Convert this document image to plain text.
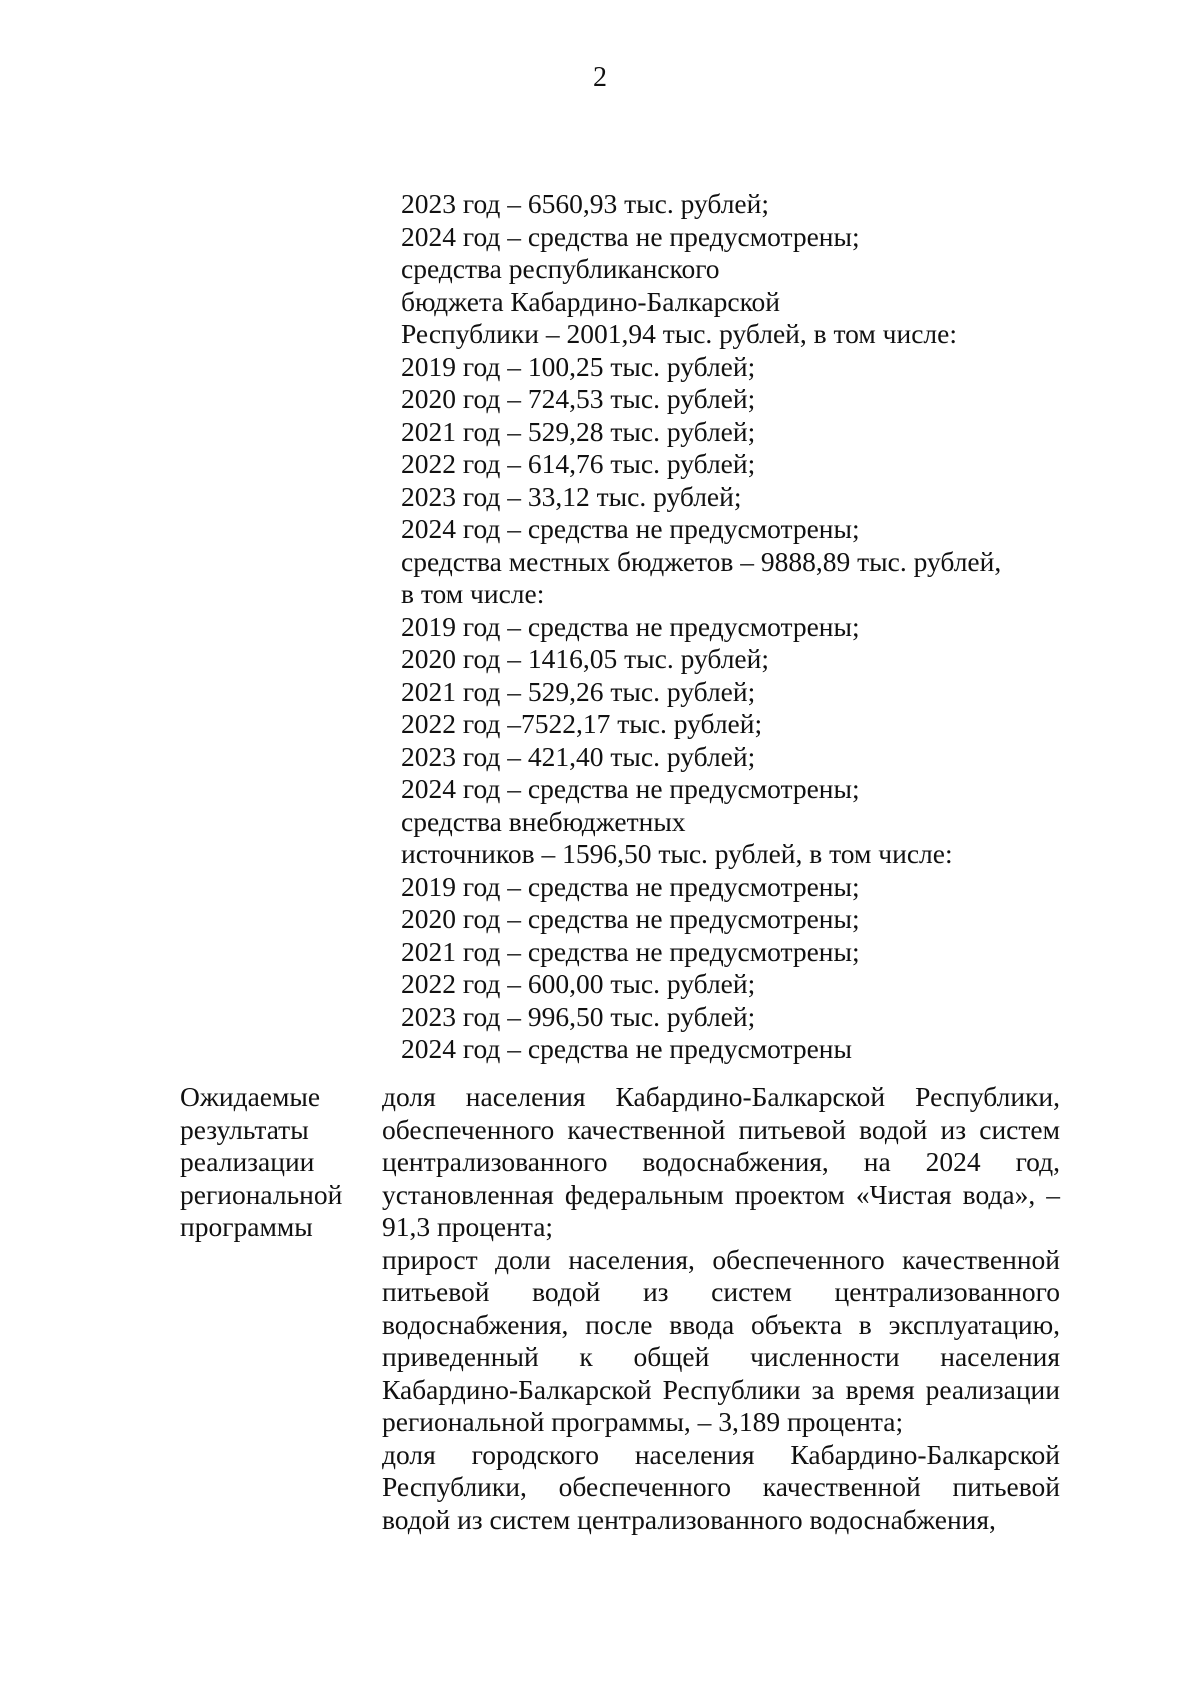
2
2023 год – 6560,93 тыс. рублей;
2024 год – средства не предусмотрены;
средства республиканского
бюджета Кабардино-Балкарской
Республики – 2001,94 тыс. рублей, в том числе:
2019 год – 100,25 тыс. рублей;
2020 год – 724,53 тыс. рублей;
2021 год – 529,28 тыс. рублей;
2022 год – 614,76 тыс. рублей;
2023 год – 33,12 тыс. рублей;
2024 год – средства не предусмотрены;
средства местных бюджетов – 9888,89 тыс. рублей,
в том числе:
2019 год – средства не предусмотрены;
2020 год – 1416,05 тыс. рублей;
2021 год – 529,26 тыс. рублей;
2022 год –7522,17 тыс. рублей;
2023 год – 421,40 тыс. рублей;
2024 год – средства не предусмотрены;
средства внебюджетных
источников – 1596,50 тыс. рублей, в том числе:
2019 год – средства не предусмотрены;
2020 год – средства не предусмотрены;
2021 год – средства не предусмотрены;
2022 год – 600,00 тыс. рублей;
2023 год – 996,50 тыс. рублей;
2024 год – средства не предусмотрены
Ожидаемые
результаты
реализации
региональной
программы

доля населения Кабардино-Балкарской Республики, обеспеченного качественной питьевой водой из систем централизованного водоснабжения, на 2024 год, установленная федеральным проектом «Чистая вода», – 91,3 процента;

прирост доли населения, обеспеченного качественной питьевой водой из систем централизованного водоснабжения, после ввода объекта в эксплуатацию, приведенный к общей численности населения Кабардино-Балкарской Республики за время реализации региональной программы, – 3,189 процента;

доля городского населения Кабардино-Балкарской Республики, обеспеченного качественной питьевой водой из систем централизованного водоснабжения,
